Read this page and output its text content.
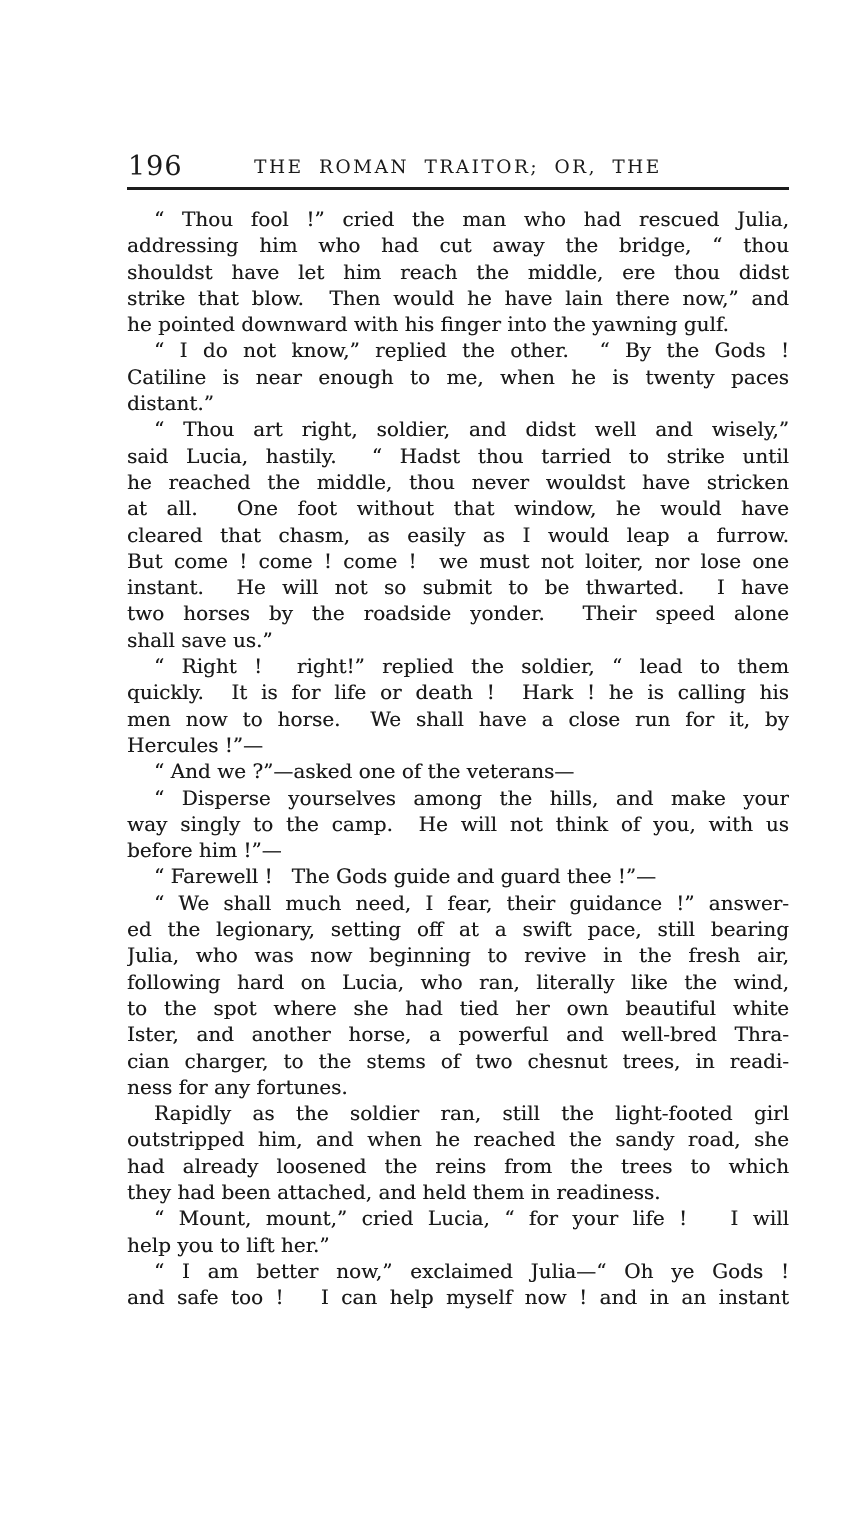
196	THE ROMAN TRAITOR; OR, THE
“ Thou fool !” cried the man who had rescued Julia,
addressing him who had cut away the bridge, “ thou
shouldst have let him reach the middle, ere thou didst
strike that blow.  Then would he have lain there now,” and
he pointed downward with his finger into the yawning gulf.
“ I do not know,” replied the other.  “ By the Gods !
Catiline is near enough to me, when he is twenty paces
distant.”
“ Thou art right, soldier, and didst well and wisely,”
said Lucia, hastily.  “ Hadst thou tarried to strike until
he reached the middle, thou never wouldst have stricken
at all.  One foot without that window, he would have
cleared that chasm, as easily as I would leap a furrow.
But come ! come ! come !  we must not loiter, nor lose one
instant.  He will not so submit to be thwarted.  I have
two horses by the roadside yonder.  Their speed alone
shall save us.”
“ Right !  right!” replied the soldier, “ lead to them
quickly.  It is for life or death !  Hark ! he is calling his
men now to horse.  We shall have a close run for it, by
Hercules !”—
“ And we ?”—asked one of the veterans—
“ Disperse yourselves among the hills, and make your
way singly to the camp.  He will not think of you, with us
before him !”—
“ Farewell !   The Gods guide and guard thee !”—
“ We shall much need, I fear, their guidance !” answer-
ed the legionary, setting off at a swift pace, still bearing
Julia, who was now beginning to revive in the fresh air,
following hard on Lucia, who ran, literally like the wind,
to the spot where she had tied her own beautiful white
Ister, and another horse, a powerful and well-bred Thra-
cian charger, to the stems of two chesnut trees, in readi-
ness for any fortunes.
Rapidly as the soldier ran, still the light-footed girl
outstripped him, and when he reached the sandy road, she
had already loosened the reins from the trees to which
they had been attached, and held them in readiness.
“ Mount, mount,” cried Lucia, “ for your life !   I will
help you to lift her.”
“ I am better now,” exclaimed Julia—“ Oh ye Gods !
and safe too !   I can help myself now ! and in an instant
